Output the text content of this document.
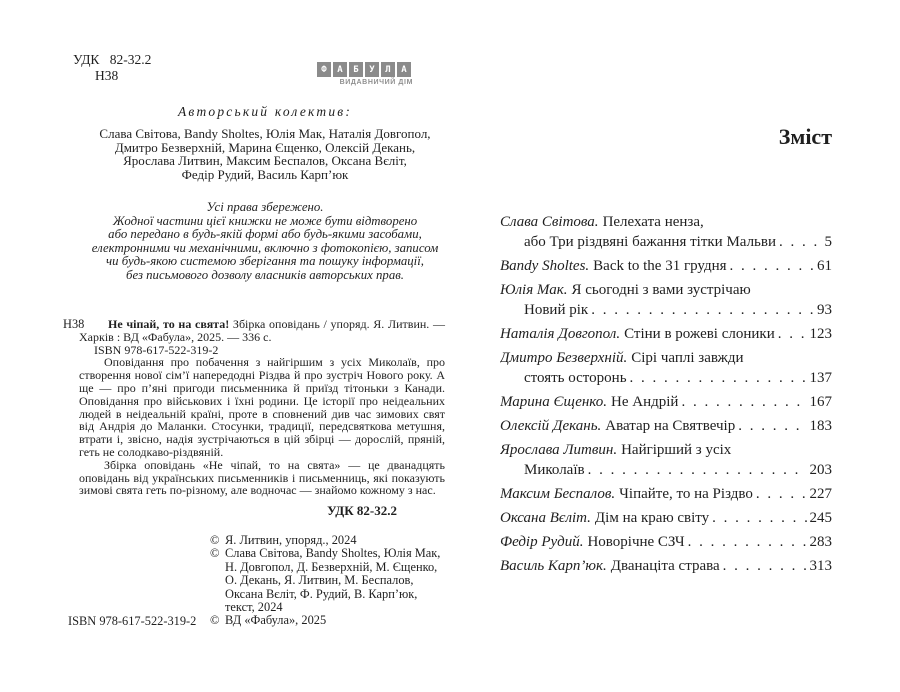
УДК 82-32.2
Н38	Ф	А	Б	У	Л	А
ВИДАВНИЧИЙ ДІМ
Авторський колектив:
Слава Світова, Bandy Sholtes, Юлія Мак, Наталія Довгопол,
Дмитро Безверхній, Марина Єщенко, Олексій Декань,
Ярослава Литвин, Максим Беспалов, Оксана Вєліт,
Федір Рудий, Василь Карп’юк
Усі права збережено.
Жодної частини цієї книжки не може бути відтворено
або передано в будь-якій формі або будь-якими засобами,
електронними чи механічними, включно з фотокопією, записом
чи будь-якою системою зберігання та пошуку інформації,
без письмового дозволу власників авторських прав.
Н38	Не чіпай, то на свята! Збірка оповідань / упоряд. Я. Литвин. — Харків : ВД «Фабула», 2025. — 336 с.

ISBN 978-617-522-319-2

Оповідання про побачення з найгіршим з усіх Миколаїв, про створення нової сім’ї напередодні Різдва й про зустріч Нового року. А ще — про п’яні пригоди письменника й приїзд тітоньки з Канади. Оповідання про військових і їхні родини. Це історії про неідеальних людей в неідеальній країні, проте в сповнений див час зимових свят від Андрія до Маланки. Стосунки, традиції, передсвяткова метушня, втрати і, звісно, надія зустрічаються в цій збірці — дорослій, пряній, геть не солодкаво-різдвяній.

Збірка оповідань «Не чіпай, то на свята» — це дванадцять оповідань від українських письменників і письменниць, які показують зимові свята геть по-різному, але водночас — знайомо кожному з нас.

УДК 82-32.2
© Я. Литвин, упоряд., 2024
© Слава Світова, Bandy Sholtes, Юлія Мак,
Н. Довгопол, Д. Безверхній, М. Єщенко,
О. Декань, Я. Литвин, М. Беспалов,
Оксана Вєліт, Ф. Рудий, В. Карп’юк,
текст, 2024
© ВД «Фабула», 2025
ISBN 978-617-522-319-2
Зміст
Слава Світова. Пелехата ненза,
або Три різдвяні бажання тітки Мальви . . .	5
Bandy Sholtes. Back to the 31 грудня . . .	61
Юлія Мак. Я сьогодні з вами зустрічаю
Новий рік . . .	93
Наталія Довгопол. Стіни в рожеві слоники . . . 123
Дмитро Безверхній. Сірі чаплі завжди
стоять осторонь . . .	137
Марина Єщенко. Не Андрій . . .	167
Олексій Декань. Аватар на Святвечір . . .	183
Ярослава Литвин. Найгірший з усіх
Миколаїв . . .	203
Максим Беспалов. Чіпайте, то на Різдво . . .	227
Оксана Вєліт. Дім на краю світу . . .	245
Федір Рудий. Новорічне СЗЧ . . .	283
Василь Карп’юк. Дванаціта страва . . .	313
